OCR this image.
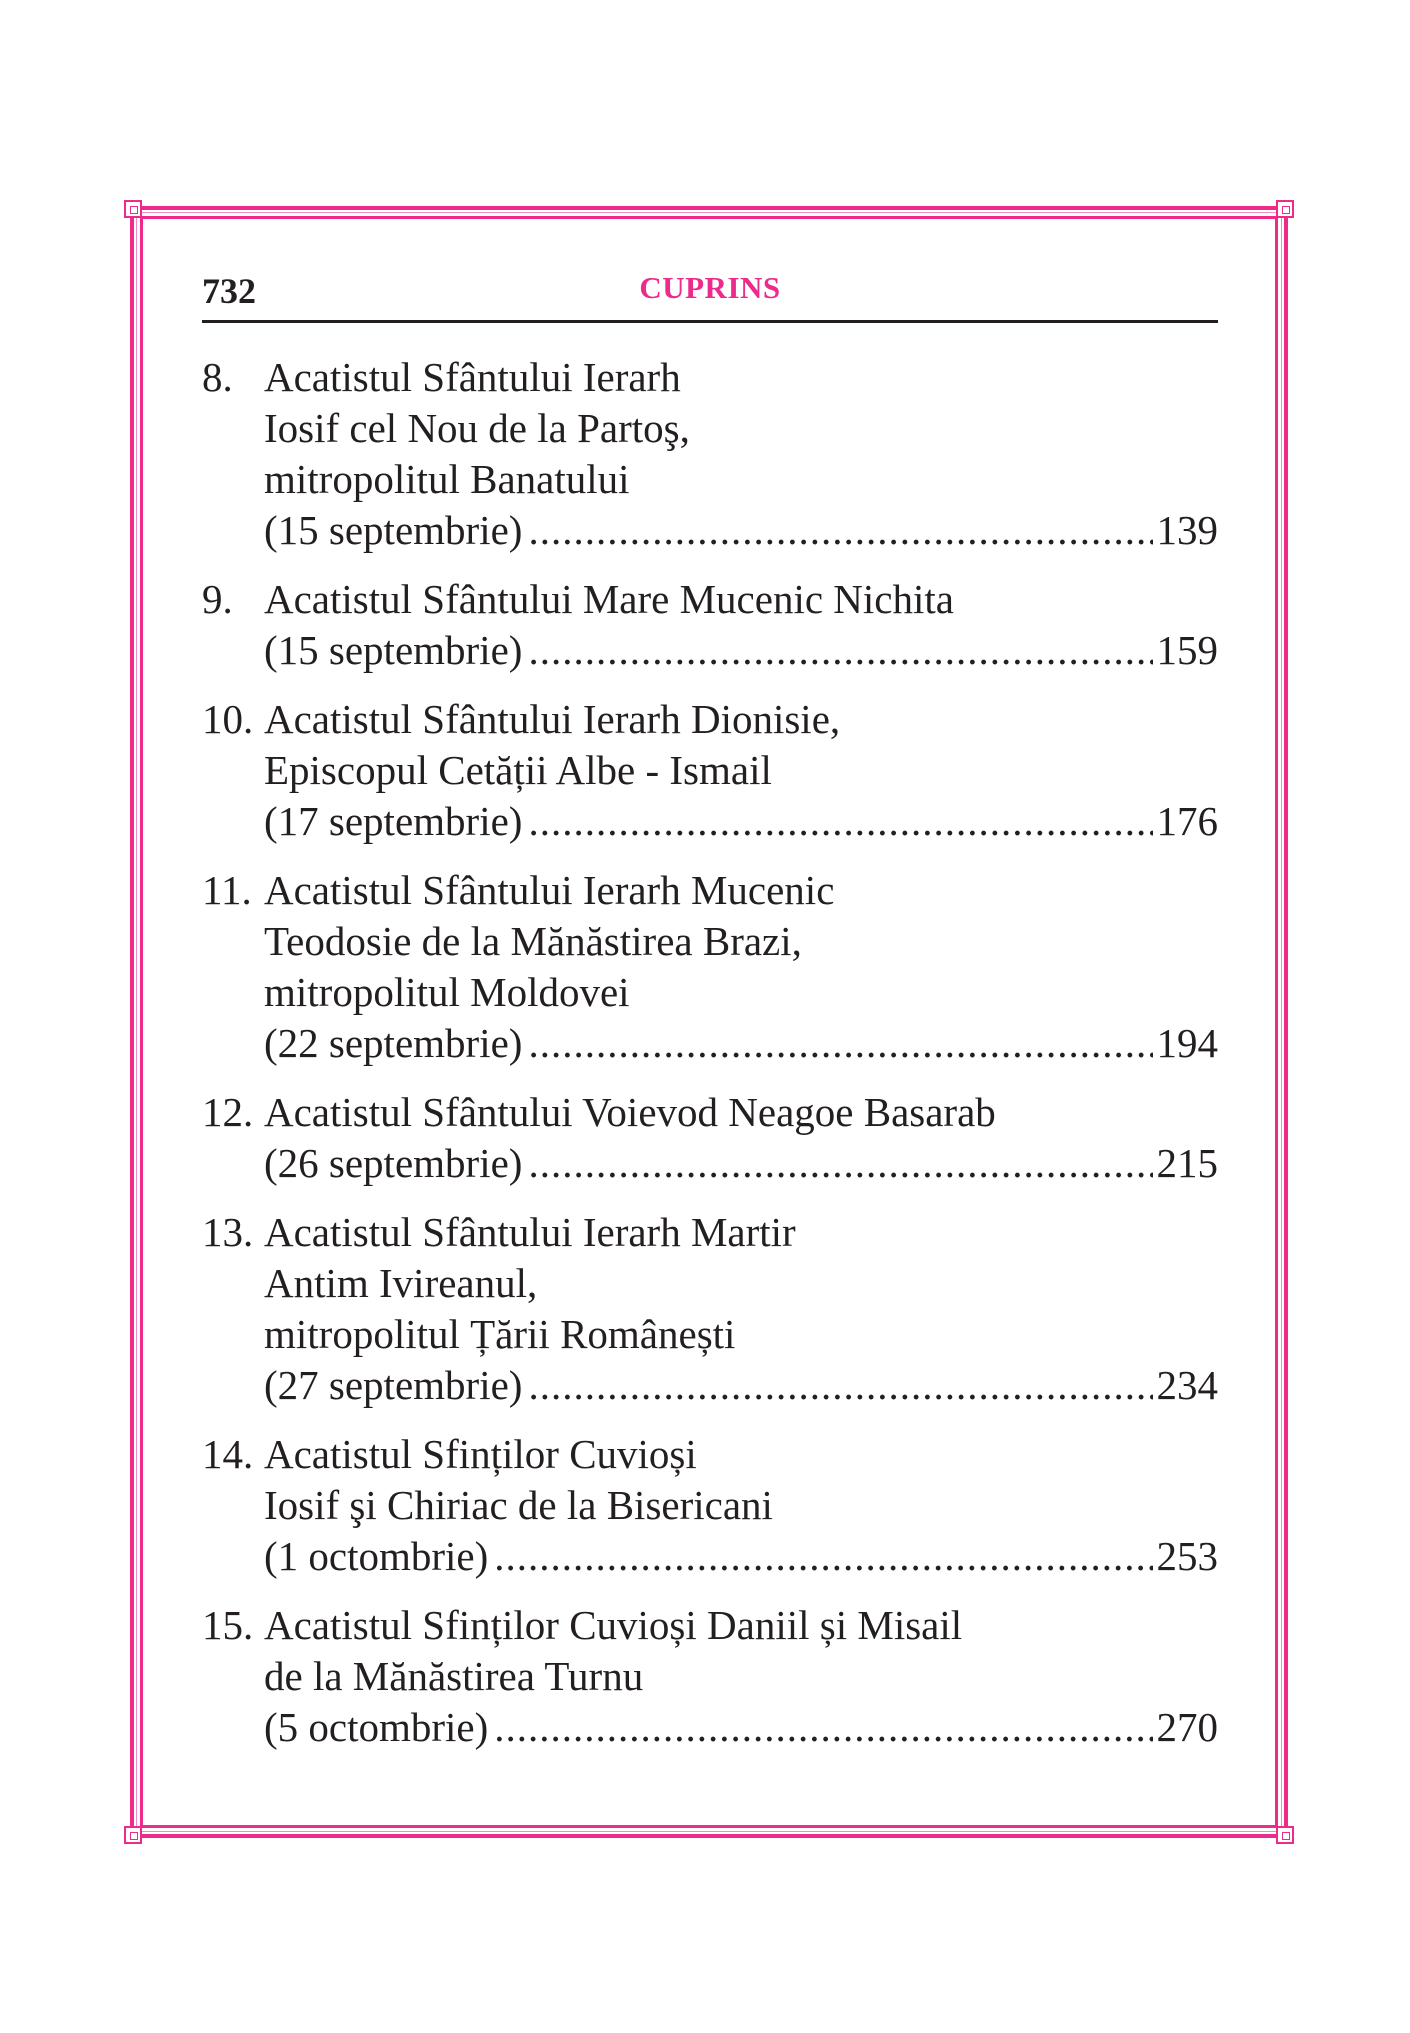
732	CUPRINS
8. Acatistul Sfântului Ierarh
Iosif cel Nou de la Partoş,
mitropolitul Banatului
(15 septembrie) .....	139
9. Acatistul Sfântului Mare Mucenic Nichita
(15 septembrie) .....	159
10. Acatistul Sfântului Ierarh Dionisie,
Episcopul Cetății Albe - Ismail
(17 septembrie) .....	176
11. Acatistul Sfântului Ierarh Mucenic
Teodosie de la Mănăstirea Brazi,
mitropolitul Moldovei
(22 septembrie) .....	194
12. Acatistul Sfântului Voievod Neagoe Basarab
(26 septembrie) .....	215
13. Acatistul Sfântului Ierarh Martir
Antim Ivireanul,
mitropolitul Țării Românești
(27 septembrie) .....	234
14. Acatistul Sfinților Cuvioși
Iosif şi Chiriac de la Bisericani
(1 octombrie) .....	253
15. Acatistul Sfinților Cuvioși Daniil și Misail
de la Mănăstirea Turnu
(5 octombrie) .....	270
